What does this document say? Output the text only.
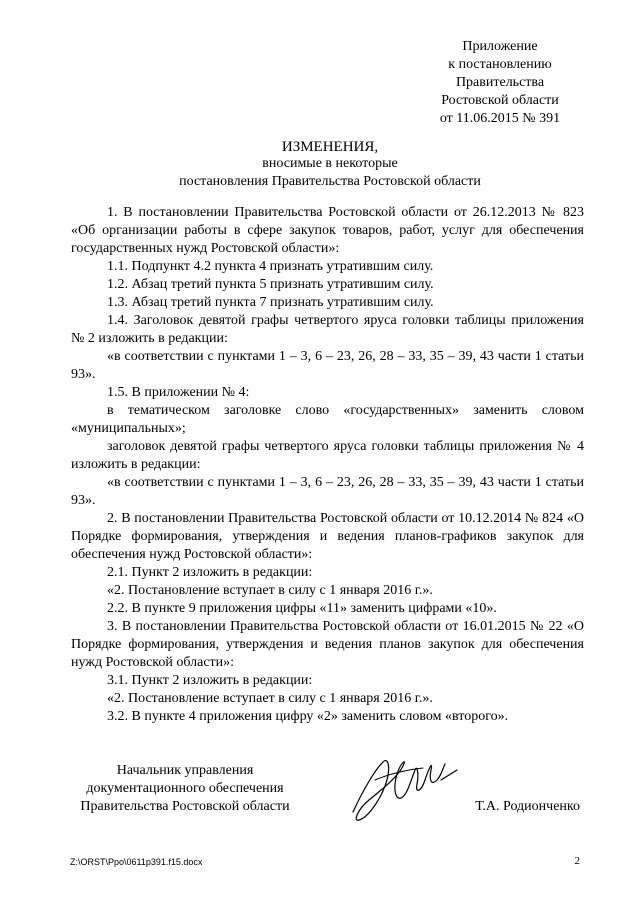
Приложение
к постановлению
Правительства
Ростовской области
от 11.06.2015 № 391
ИЗМЕНЕНИЯ,
вносимые в некоторые
постановления Правительства Ростовской области

1. В постановлении Правительства Ростовской области от 26.12.2013 № 823 «Об организации работы в сфере закупок товаров, работ, услуг для обеспечения государственных нужд Ростовской области»:

1.1. Подпункт 4.2 пункта 4 признать утратившим силу.

1.2. Абзац третий пункта 5 признать утратившим силу.

1.3. Абзац третий пункта 7 признать утратившим силу.

1.4. Заголовок девятой графы четвертого яруса головки таблицы приложения № 2 изложить в редакции:

«в соответствии с пунктами 1 – 3, 6 – 23, 26, 28 – 33, 35 – 39, 43 части 1 статьи 93».

1.5. В приложении № 4:

в тематическом заголовке слово «государственных» заменить словом «муниципальных»;

заголовок девятой графы четвертого яруса головки таблицы приложения № 4 изложить в редакции:

«в соответствии с пунктами 1 – 3, 6 – 23, 26, 28 – 33, 35 – 39, 43 части 1 статьи 93».

2. В постановлении Правительства Ростовской области от 10.12.2014 № 824 «О Порядке формирования, утверждения и ведения планов-графиков закупок для обеспечения нужд Ростовской области»:

2.1. Пункт 2 изложить в редакции:

«2. Постановление вступает в силу с 1 января 2016 г.».

2.2. В пункте 9 приложения цифры «11» заменить цифрами «10».

3. В постановлении Правительства Ростовской области от 16.01.2015 № 22 «О Порядке формирования, утверждения и ведения планов закупок для обеспечения нужд Ростовской области»:

3.1. Пункт 2 изложить в редакции:

«2. Постановление вступает в силу с 1 января 2016 г.».

3.2. В пункте 4 приложения цифру «2» заменить словом «второго».

Начальник управления
документационного обеспечения
Правительства Ростовской области	Т.А. Родионченко
Z:\ORST\Ppo\0611p391.f15.docx	2
